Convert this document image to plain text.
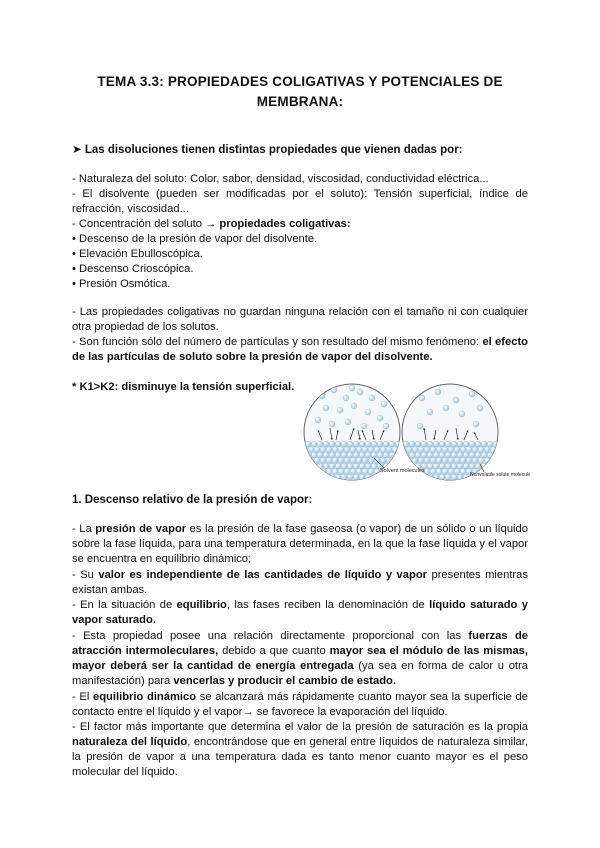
TEMA 3.3: PROPIEDADES COLIGATIVAS Y POTENCIALES DE
MEMBRANA:
➤ Las disoluciones tienen distintas propiedades que vienen dadas por:
- Naturaleza del soluto: Color, sabor, densidad, viscosidad, conductividad eléctrica...
- El disolvente (pueden ser modificadas por el soluto): Tensión superficial, índice de
refracción, viscosidad...
- Concentración del soluto → propiedades coligativas:
• Descenso de la presión de vapor del disolvente.
• Elevación Ebulloscópica.
• Descenso Crioscópica.
• Presión Osmótica.
- Las propiedades coligativas no guardan ninguna relación con el tamaño ni con cualquier
otra propiedad de los solutos.
- Son función sólo del número de partículas y son resultado del mismo fenómeno: el efecto
de las partículas de soluto sobre la presión de vapor del disolvente.
* K1>K2: disminuye la tensión superficial.
Solvent molecules
Nonvolatile solute molecules
1. Descenso relativo de la presión de vapor:
- La presión de vapor es la presión de la fase gaseosa (o vapor) de un sólido o un líquido
sobre la fase líquida, para una temperatura determinada, en la que la fase líquida y el vapor
se encuentra en equilibrio dinámico;
- Su valor es independiente de las cantidades de líquido y vapor presentes mientras
existan ambas.
- En la situación de equilibrio, las fases reciben la denominación de líquido saturado y
vapor saturado.
- Esta propiedad posee una relación directamente proporcional con las fuerzas de
atracción intermoleculares, debido a que cuanto mayor sea el módulo de las mismas,
mayor deberá ser la cantidad de energía entregada (ya sea en forma de calor u otra
manifestación) para vencerlas y producir el cambio de estado.
- El equilibrio dinámico se alcanzará más rápidamente cuanto mayor sea la superficie de
contacto entre el líquido y el vapor→ se favorece la evaporación del líquido.
- El factor más importante que determina el valor de la presión de saturación es la propia
naturaleza del líquido, encontrándose que en general entre líquidos de naturaleza similar,
la presión de vapor a una temperatura dada es tanto menor cuanto mayor es el peso
molecular del líquido.
